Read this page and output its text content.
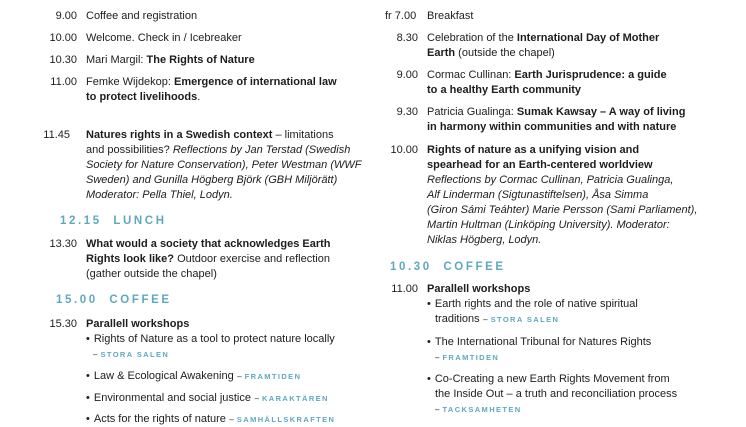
9.00 Coffee and registration
10.00 Welcome. Check in / Icebreaker
10.30 Mari Margil: The Rights of Nature
11.00 Femke Wijdekop: Emergence of international law
to protect livelihoods.
11.45 Natures rights in a Swedish context – limitations
and possibilities? Reflections by Jan Terstad (Swedish
Society for Nature Conservation), Peter Westman (WWF
Sweden) and Gunilla Högberg Björk (GBH Miljörätt)
Moderator: Pella Thiel, Lodyn.
12.15 LUNCH
13.30 What would a society that acknowledges Earth
Rights look like? Outdoor exercise and reflection
(gather outside the chapel)
15.00 COFFEE
15.30 Parallell workshops
• Rights of Nature as a tool to protect nature locally
– STORA SALEN
• Law & Ecological Awakening – FRAMTIDEN
• Environmental and social justice – KARAKTÄREN
• Acts for the rights of nature – SAMHÄLLSKRAFTEN
fr 7.00 Breakfast
8.30 Celebration of the International Day of Mother
Earth (outside the chapel)
9.00 Cormac Cullinan: Earth Jurisprudence: a guide
to a healthy Earth community
9.30 Patricia Gualinga: Sumak Kawsay – A way of living
in harmony within communities and with nature
10.00 Rights of nature as a unifying vision and
spearhead for an Earth-centered worldview
Reflections by Cormac Cullinan, Patricia Gualinga,
Alf Linderman (Sigtunastiftelsen), Åsa Simma
(Giron Sámi Teáhter) Marie Persson (Sami Parliament),
Martin Hultman (Linköping University). Moderator:
Niklas Högberg, Lodyn.
10.30 COFFEE
11.00 Parallell workshops
• Earth rights and the role of native spiritual
traditions – STORA SALEN
• The International Tribunal for Natures Rights
– FRAMTIDEN
• Co-Creating a new Earth Rights Movement from
the Inside Out – a truth and reconciliation process
– TACKSAMHETEN
